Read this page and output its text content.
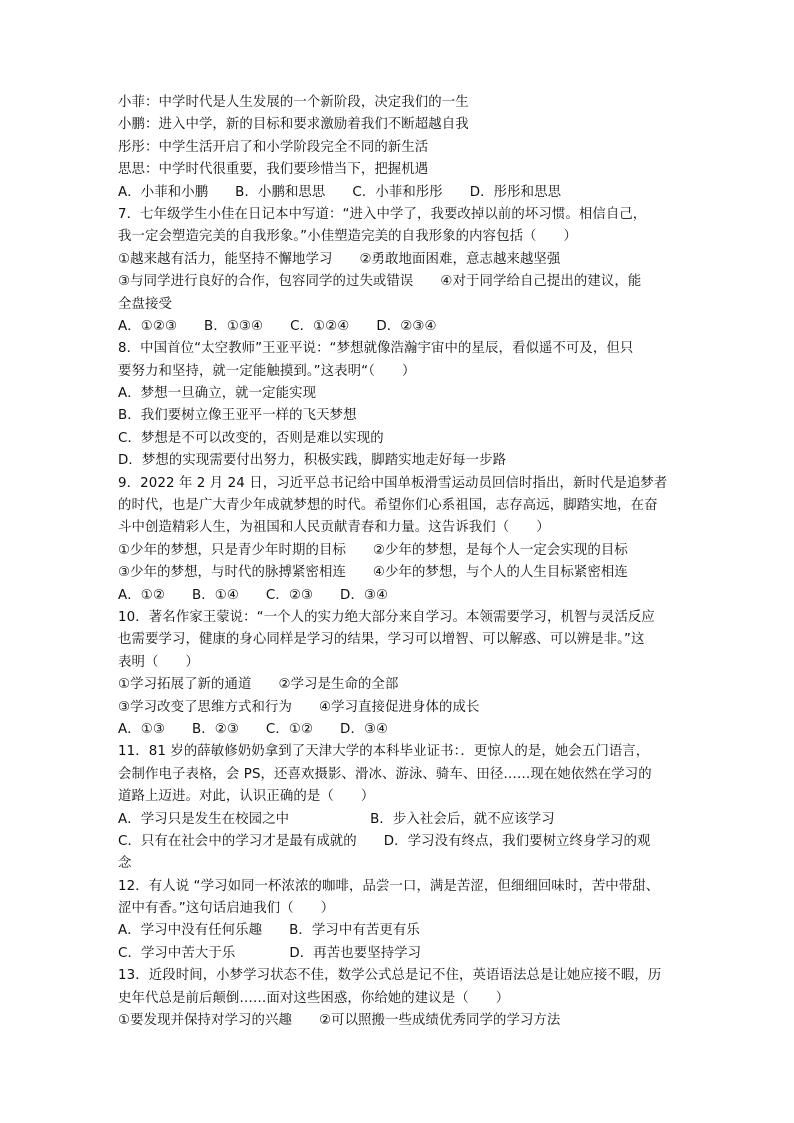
小菲：中学时代是人生发展的一个新阶段，决定我们的一生
小鹏：进入中学，新的目标和要求激励着我们不断超越自我
彤彤：中学生活开启了和小学阶段完全不同的新生活
思思：中学时代很重要，我们要珍惜当下，把握机遇
A．小菲和小鹏　　B．小鹏和思思　　C．小菲和彤彤　　D．彤彤和思思
7．七年级学生小佳在日记本中写道：“进入中学了，我要改掉以前的坏习惯。相信自己，
我一定会塑造完美的自我形象。”小佳塑造完美的自我形象的内容包括（　　）
①越来越有活力，能坚持不懈地学习　　②勇敢地面困难，意志越来越坚强
③与同学进行良好的合作，包容同学的过失或错误　　④对于同学给自己提出的建议，能
全盘接受
A．①②③　　B．①③④　　C．①②④　　D．②③④
8．中国首位“太空教师”王亚平说：“梦想就像浩瀚宇宙中的星辰，看似遥不可及，但只
要努力和坚持，就一定能触摸到。”这表明“（　　）
A．梦想一旦确立，就一定能实现
B．我们要树立像王亚平一样的飞天梦想
C．梦想是不可以改变的，否则是难以实现的
D．梦想的实现需要付出努力，积极实践，脚踏实地走好每一步路
9．2022 年 2 月 24 日，习近平总书记给中国单板滑雪运动员回信时指出，新时代是追梦者
的时代，也是广大青少年成就梦想的时代。希望你们心系祖国，志存高远，脚踏实地，在奋
斗中创造精彩人生，为祖国和人民贡献青春和力量。这告诉我们（　　）
①少年的梦想，只是青少年时期的目标　　②少年的梦想，是每个人一定会实现的目标
③少年的梦想，与时代的脉搏紧密相连　　④少年的梦想，与个人的人生目标紧密相连
A．①②　　B．①④　　C．②③　　D．③④
10．著名作家王蒙说：“一个人的实力绝大部分来自学习。本领需要学习，机智与灵活反应
也需要学习，健康的身心同样是学习的结果，学习可以增智、可以解惑、可以辨是非。”这
表明（　　）
①学习拓展了新的通道　　②学习是生命的全部
③学习改变了思维方式和行为　　④学习直接促进身体的成长
A．①③　　B．②③　　C．①②　　D．③④
11．81 岁的薛敏修奶奶拿到了天津大学的本科毕业证书：．更惊人的是，她会五门语言，
会制作电子表格，会 PS，还喜欢摄影、滑冰、游泳、骑车、田径……现在她依然在学习的
道路上迈进。对此，认识正确的是（　　）
A．学习只是发生在校园之中　　　　　　B．步入社会后，就不应该学习
C．只有在社会中的学习才是最有成就的　　D．学习没有终点，我们要树立终身学习的观
念
12．有人说 “学习如同一杯浓浓的咖啡，品尝一口，满是苦涩，但细细回味时，苦中带甜、
涩中有香。”这句话启迪我们（　　）
A．学习中没有任何乐趣　　B．学习中有苦更有乐
C．学习中苦大于乐　　　　D．再苦也要坚持学习
13．近段时间，小梦学习状态不佳，数学公式总是记不住，英语语法总是让她应接不暇，历
史年代总是前后颠倒……面对这些困惑，你给她的建议是（　　）
①要发现并保持对学习的兴趣　　②可以照搬一些成绩优秀同学的学习方法
